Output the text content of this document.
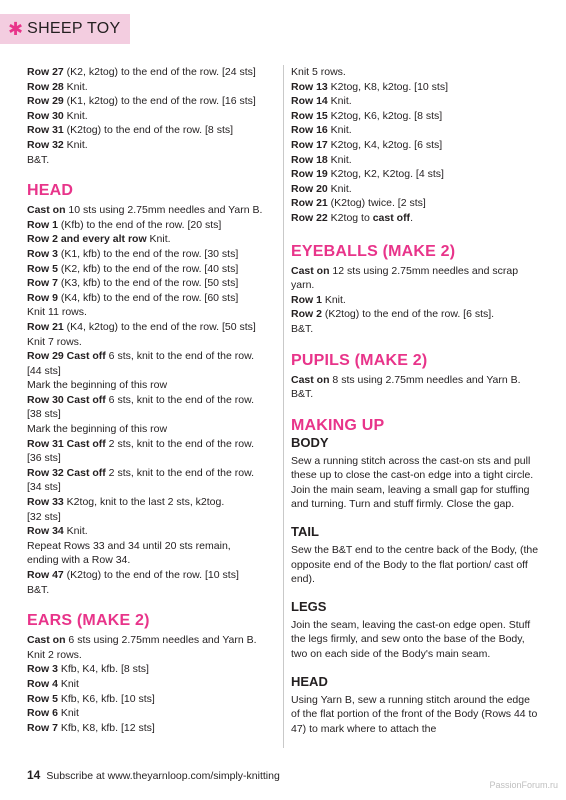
✱ SHEEP TOY
Row 27 (K2, k2tog) to the end of the row. [24 sts]
Row 28 Knit.
Row 29 (K1, k2tog) to the end of the row. [16 sts]
Row 30 Knit.
Row 31 (K2tog) to the end of the row. [8 sts]
Row 32 Knit.
B&T.
HEAD
Cast on 10 sts using 2.75mm needles and Yarn B.
Row 1 (Kfb) to the end of the row. [20 sts]
Row 2 and every alt row Knit.
Row 3 (K1, kfb) to the end of the row. [30 sts]
Row 5 (K2, kfb) to the end of the row. [40 sts]
Row 7 (K3, kfb) to the end of the row. [50 sts]
Row 9 (K4, kfb) to the end of the row. [60 sts]
Knit 11 rows.
Row 21 (K4, k2tog) to the end of the row. [50 sts]
Knit 7 rows.
Row 29 Cast off 6 sts, knit to the end of the row.
[44 sts]
Mark the beginning of this row
Row 30 Cast off 6 sts, knit to the end of the row.
[38 sts]
Mark the beginning of this row
Row 31 Cast off 2 sts, knit to the end of the row.
[36 sts]
Row 32 Cast off 2 sts, knit to the end of the row.
[34 sts]
Row 33 K2tog, knit to the last 2 sts, k2tog.
[32 sts]
Row 34 Knit.
Repeat Rows 33 and 34 until 20 sts remain,
ending with a Row 34.
Row 47 (K2tog) to the end of the row. [10 sts]
B&T.
EARS (MAKE 2)
Cast on 6 sts using 2.75mm needles and Yarn B.
Knit 2 rows.
Row 3 Kfb, K4, kfb. [8 sts]
Row 4 Knit
Row 5 Kfb, K6, kfb. [10 sts]
Row 6 Knit
Row 7 Kfb, K8, kfb. [12 sts]
Knit 5 rows.
Row 13 K2tog, K8, k2tog. [10 sts]
Row 14 Knit.
Row 15 K2tog, K6, k2tog. [8 sts]
Row 16 Knit.
Row 17 K2tog, K4, k2tog. [6 sts]
Row 18 Knit.
Row 19 K2tog, K2, K2tog. [4 sts]
Row 20 Knit.
Row 21 (K2tog) twice. [2 sts]
Row 22 K2tog to cast off.
EYEBALLS (MAKE 2)
Cast on 12 sts using 2.75mm needles and scrap
yarn.
Row 1 Knit.
Row 2 (K2tog) to the end of the row. [6 sts].
B&T.
PUPILS (MAKE 2)
Cast on 8 sts using 2.75mm needles and Yarn B.
B&T.
MAKING UP
BODY
Sew a running stitch across the cast-on sts and pull these up to close the cast-on edge into a tight circle. Join the main seam, leaving a small gap for stuffing and turning. Turn and stuff firmly. Close the gap.
TAIL
Sew the B&T end to the centre back of the Body, (the opposite end of the Body to the flat portion/ cast off end).
LEGS
Join the seam, leaving the cast-on edge open. Stuff the legs firmly, and sew onto the base of the Body, two on each side of the Body's main seam.
HEAD
Using Yarn B, sew a running stitch around the edge of the flat portion of the front of the Body (Rows 44 to 47) to mark where to attach the
14 Subscribe at www.theyarnloop.com/simply-knitting
PassionForum.ru
